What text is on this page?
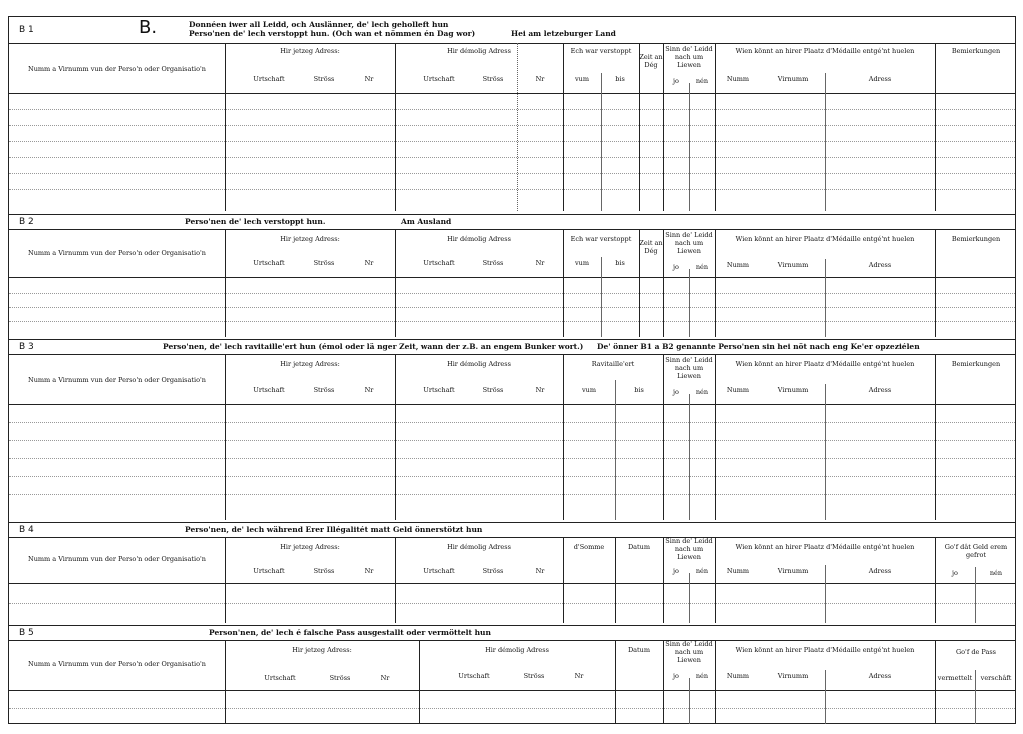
B 1	B.	Donnéen iwer all Leidd, och Auslänner, de' lech geholleft hun
Perso'nen de' lech verstoppt hun. (Och wan et nömmen én Dag wor)	Hei am letzeburger Land
Numm a Virnumm vun der Perso'n oder Organisatio'n
Hir jetzeg Adress:
Urtschaft	Ströss	Nr
Hir démolig Adress
Urtschaft	Ströss	Nr
Ech war verstoppt
vum	bis
Zeit an Dég
Sinn de' Leidd nach um Liewen
jo	nén
Wien könnt an hirer Plaatz d'Médaille entgé'nt huelen
Numm	Virnumm	Adress
Bemierkungen
B 2	Perso'nen de' lech verstoppt hun.	Am Ausland
Numm a Virnumm vun der Perso'n oder Organisatio'n
Hir jetzeg Adress:
Urtschaft	Ströss	Nr
Hir démolig Adress
Urtschaft	Ströss	Nr
Ech war verstoppt
vum	bis
Zeit an Dég
Sinn de' Leidd nach um Liewen
jo	nén
Wien könnt an hirer Plaatz d'Médaille entgé'nt huelen
Numm	Virnumm	Adress
Bemierkungen
B 3	Perso'nen, de' lech ravitaille'ert hun (émol oder lä nger Zeit, wann der z.B. an engem Bunker wort.) De' önner B1 a B2 genannte Perso'nen sin hei nöt nach eng Ke'er opzeziélen
Numm a Virnumm vun der Perso'n oder Organisatio'n
Hir jetzeg Adress:
Urtschaft	Ströss	Nr
Hir démolig Adress
Urtschaft	Ströss	Nr
Ravitaille'ert
vum	bis
Sinn de' Leidd nach um Liewen
jo	nén
Wien könnt an hirer Plaatz d'Médaille entgé'nt huelen
Numm	Virnumm	Adress
Bemierkungen
B 4	Perso'nen, de' lech während Erer Illégalitét matt Geld önnerstötzt hun
Numm a Virnumm vun der Perso'n oder Organisatio'n
Hir jetzeg Adress:
Urtschaft	Ströss	Nr
Hir démolig Adress
Urtschaft	Ströss	Nr
d'Somme	Datum
Sinn de' Leidd nach um Liewen
jo	nén
Wien könnt an hirer Plaatz d'Médaille entgé'nt huelen
Numm	Virnumm	Adress
Go'f dât Geld erem gefrot
jo	nén
B 5	Person'nen, de' lech é falsche Pass ausgestallt oder vermöttelt hun
Numm a Virnumm vun der Perso'n oder Organisatio'n
Hir jetzeg Adress:
Urtschaft	Ströss	Nr
Hir démolig Adress
Urtschaft	Ströss	Nr
Datum
Sinn de' Leidd nach um Liewen
jo	nén
Wien könnt an hirer Plaatz d'Médaille entgé'nt huelen
Numm	Virnumm	Adress
Go'f de Pass
vermettelt	verschâft
